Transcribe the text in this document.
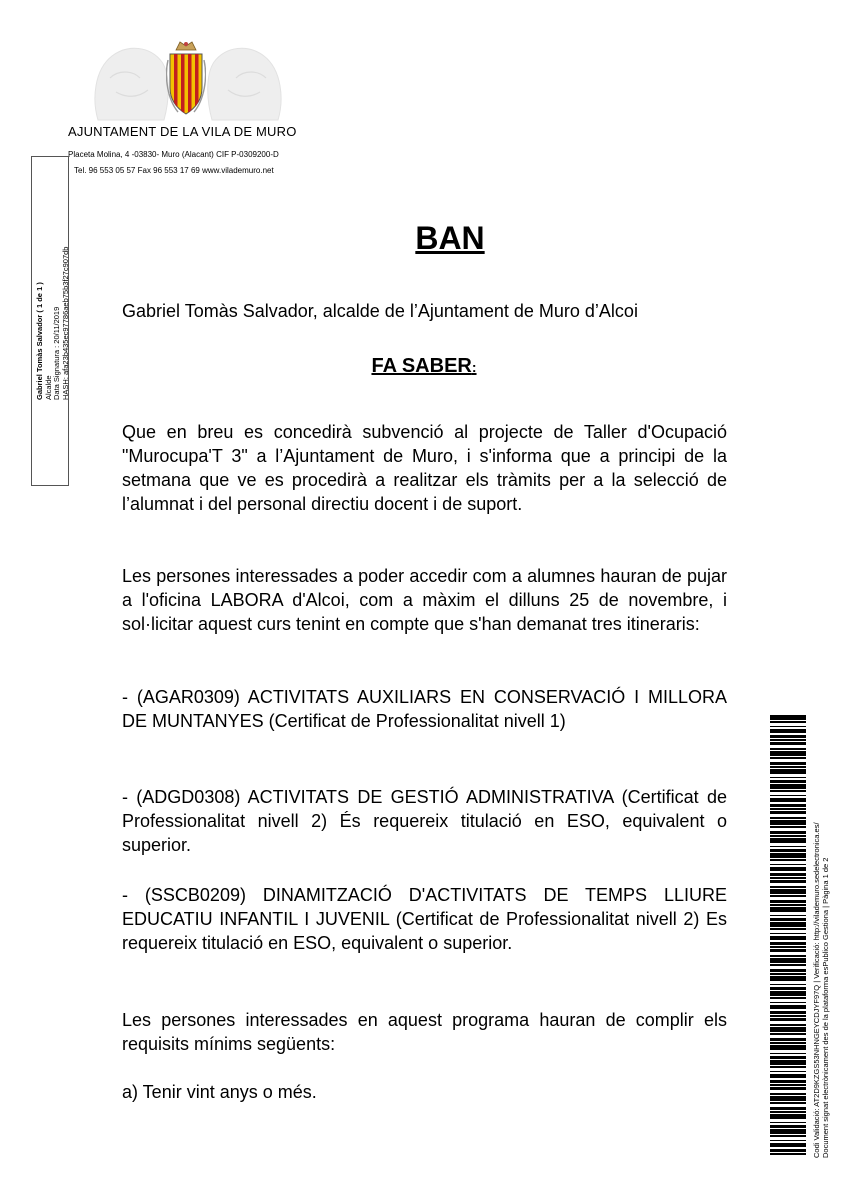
AJUNTAMENT DE LA VILA DE MURO
Placeta Molina, 4 -03830- Muro (Alacant) CIF P-0309200-D
Tel. 96 553 05 57 Fax 96 553 17 69 www.vilademuro.net
Gabriel Tomàs Salvador ( 1 de 1 ) Alcalde Data Signatura : 20/11/2019 HASH: afa23b435ec97786aeb75b3f27c907db
BAN
Gabriel Tomàs Salvador, alcalde de l’Ajuntament de Muro d’Alcoi
FA SABER:
Que en breu es concedirà subvenció al projecte de Taller d'Ocupació "Murocupa'T 3" a l’Ajuntament de Muro, i s'informa que a principi de la setmana que ve es procedirà a realitzar els tràmits per a la selecció de l’alumnat i del personal directiu docent i de suport.
Les persones interessades a poder accedir com a alumnes hauran de pujar a l'oficina LABORA d'Alcoi, com a màxim el dilluns 25 de novembre, i sol·licitar aquest curs tenint en compte que s'han demanat tres itineraris:
- (AGAR0309) ACTIVITATS AUXILIARS EN CONSERVACIÓ I MILLORA DE MUNTANYES (Certificat de Professionalitat nivell 1)
- (ADGD0308) ACTIVITATS DE GESTIÓ ADMINISTRATIVA (Certificat de Professionalitat nivell 2) És requereix titulació en ESO, equivalent o superior.
- (SSCB0209) DINAMITZACIÓ D'ACTIVITATS DE TEMPS LLIURE EDUCATIU INFANTIL I JUVENIL (Certificat de Professionalitat nivell 2) Es requereix titulació en ESO, equivalent o superior.
Les persones interessades en aquest programa hauran de complir els requisits mínims següents:
a) Tenir vint anys o més.	Codi Validació: AT2D9KZGS53NHNGEYCDJYF97Q | Verificació: http://vilademuro.sedelectronica.es/ Document signat electrònicament des de la plataforma esPublico Gestiona | Pàgina 1 de 2
